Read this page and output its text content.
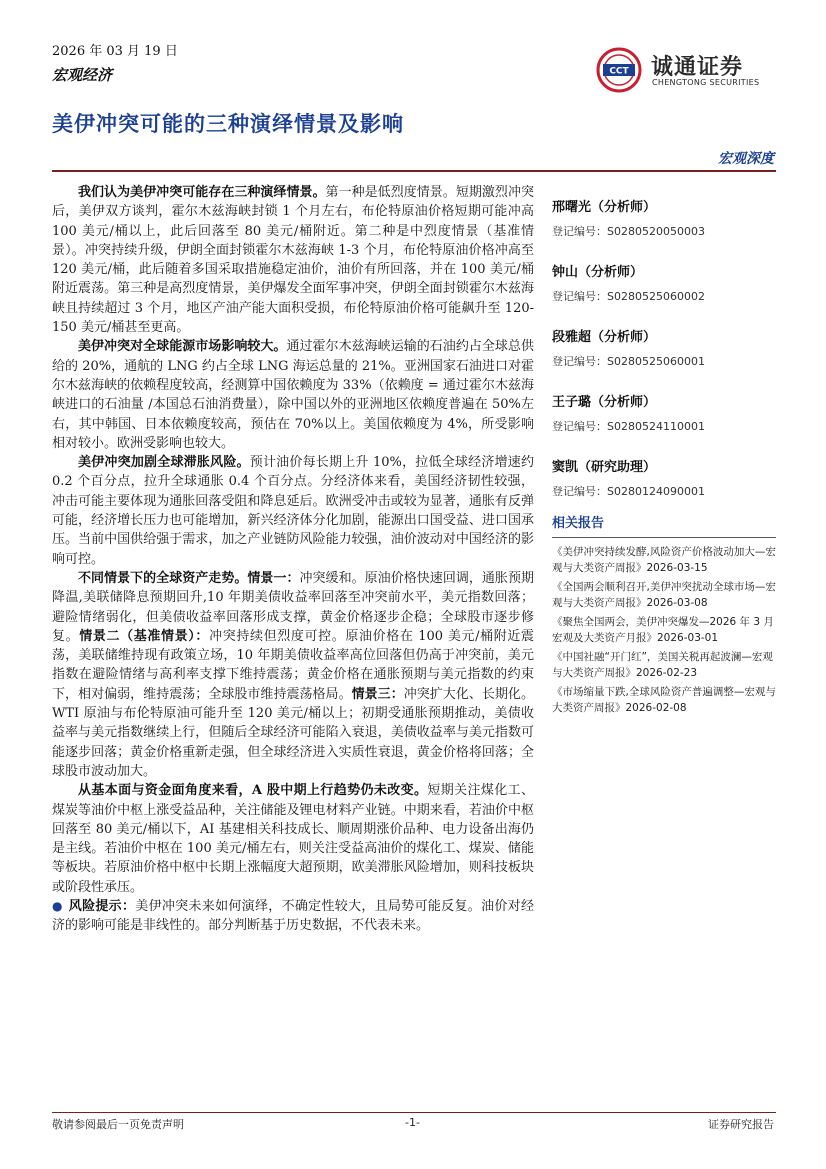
2026 年 03 月 19 日
宏观经济
美伊冲突可能的三种演绎情景及影响
CCT 诚通证券
CHENGTONG SECURITIES
宏观深度

我们认为美伊冲突可能存在三种演绎情景。第一种是低烈度情景。短期激烈冲突后，美伊双方谈判，霍尔木兹海峡封锁 1 个月左右，布伦特原油价格短期可能冲高 100 美元/桶以上，此后回落至 80 美元/桶附近。第二种是中烈度情景（基准情景）。冲突持续升级，伊朗全面封锁霍尔木兹海峡 1-3 个月，布伦特原油价格冲高至 120 美元/桶，此后随着多国采取措施稳定油价，油价有所回落，并在 100 美元/桶附近震荡。第三种是高烈度情景，美伊爆发全面军事冲突，伊朗全面封锁霍尔木兹海峡且持续超过 3 个月，地区产油产能大面积受损，布伦特原油价格可能飙升至 120-150 美元/桶甚至更高。

美伊冲突对全球能源市场影响较大。通过霍尔木兹海峡运输的石油约占全球总供给的 20%，通航的 LNG 约占全球 LNG 海运总量的 21%。亚洲国家石油进口对霍尔木兹海峡的依赖程度较高，经测算中国依赖度为 33%（依赖度 = 通过霍尔木兹海峡进口的石油量 /本国总石油消费量），除中国以外的亚洲地区依赖度普遍在 50%左右，其中韩国、日本依赖度较高，预估在 70%以上。美国依赖度为 4%，所受影响相对较小。欧洲受影响也较大。

美伊冲突加剧全球滞胀风险。预计油价每长期上升 10%，拉低全球经济增速约 0.2 个百分点，拉升全球通胀 0.4 个百分点。分经济体来看，美国经济韧性较强，冲击可能主要体现为通胀回落受阻和降息延后。欧洲受冲击或较为显著，通胀有反弹可能，经济增长压力也可能增加，新兴经济体分化加剧，能源出口国受益、进口国承压。当前中国供给强于需求，加之产业链防风险能力较强，油价波动对中国经济的影响可控。

不同情景下的全球资产走势。情景一：冲突缓和。原油价格快速回调，通胀预期降温,美联储降息预期回升,10 年期美债收益率回落至冲突前水平，美元指数回落；避险情绪弱化，但美债收益率回落形成支撑，黄金价格逐步企稳；全球股市逐步修复。情景二（基准情景）：冲突持续但烈度可控。原油价格在 100 美元/桶附近震荡，美联储维持现有政策立场，10 年期美债收益率高位回落但仍高于冲突前，美元指数在避险情绪与高利率支撑下维持震荡；黄金价格在通胀预期与美元指数的约束下，相对偏弱，维持震荡；全球股市维持震荡格局。情景三：冲突扩大化、长期化。WTI 原油与布伦特原油可能升至 120 美元/桶以上；初期受通胀预期推动，美债收益率与美元指数继续上行，但随后全球经济可能陷入衰退，美债收益率与美元指数可能逐步回落；黄金价格重新走强，但全球经济进入实质性衰退，黄金价格将回落；全球股市波动加大。

从基本面与资金面角度来看，A 股中期上行趋势仍未改变。短期关注煤化工、煤炭等油价中枢上涨受益品种，关注储能及锂电材料产业链。中期来看，若油价中枢回落至 80 美元/桶以下，AI 基建相关科技成长、顺周期涨价品种、电力设备出海仍是主线。若油价中枢在 100 美元/桶左右，则关注受益高油价的煤化工、煤炭、储能等板块。若原油价格中枢中长期上涨幅度大超预期，欧美滞胀风险增加，则科技板块或阶段性承压。

● 风险提示：美伊冲突未来如何演绎，不确定性较大，且局势可能反复。油价对经济的影响可能是非线性的。部分判断基于历史数据，不代表未来。

邢曙光（分析师）
登记编号：S0280520050003
钟山（分析师）
登记编号：S0280525060002
段雅超（分析师）
登记编号：S0280525060001
王子璐（分析师）
登记编号：S0280524110001
窦凯（研究助理）
登记编号：S0280124090001
相关报告
《美伊冲突持续发酵,风险资产价格波动加大—宏观与大类资产周报》2026-03-15
《全国两会顺利召开,美伊冲突扰动全球市场—宏观与大类资产周报》2026-03-08
《聚焦全国两会，美伊冲突爆发—2026 年 3 月宏观及大类资产月报》2026-03-01
《中国社融“开门红”，美国关税再起波澜—宏观与大类资产周报》2026-02-23
《市场缩量下跌,全球风险资产普遍调整—宏观与大类资产周报》2026-02-08
敬请参阅最后一页免责声明	-1-	证券研究报告
